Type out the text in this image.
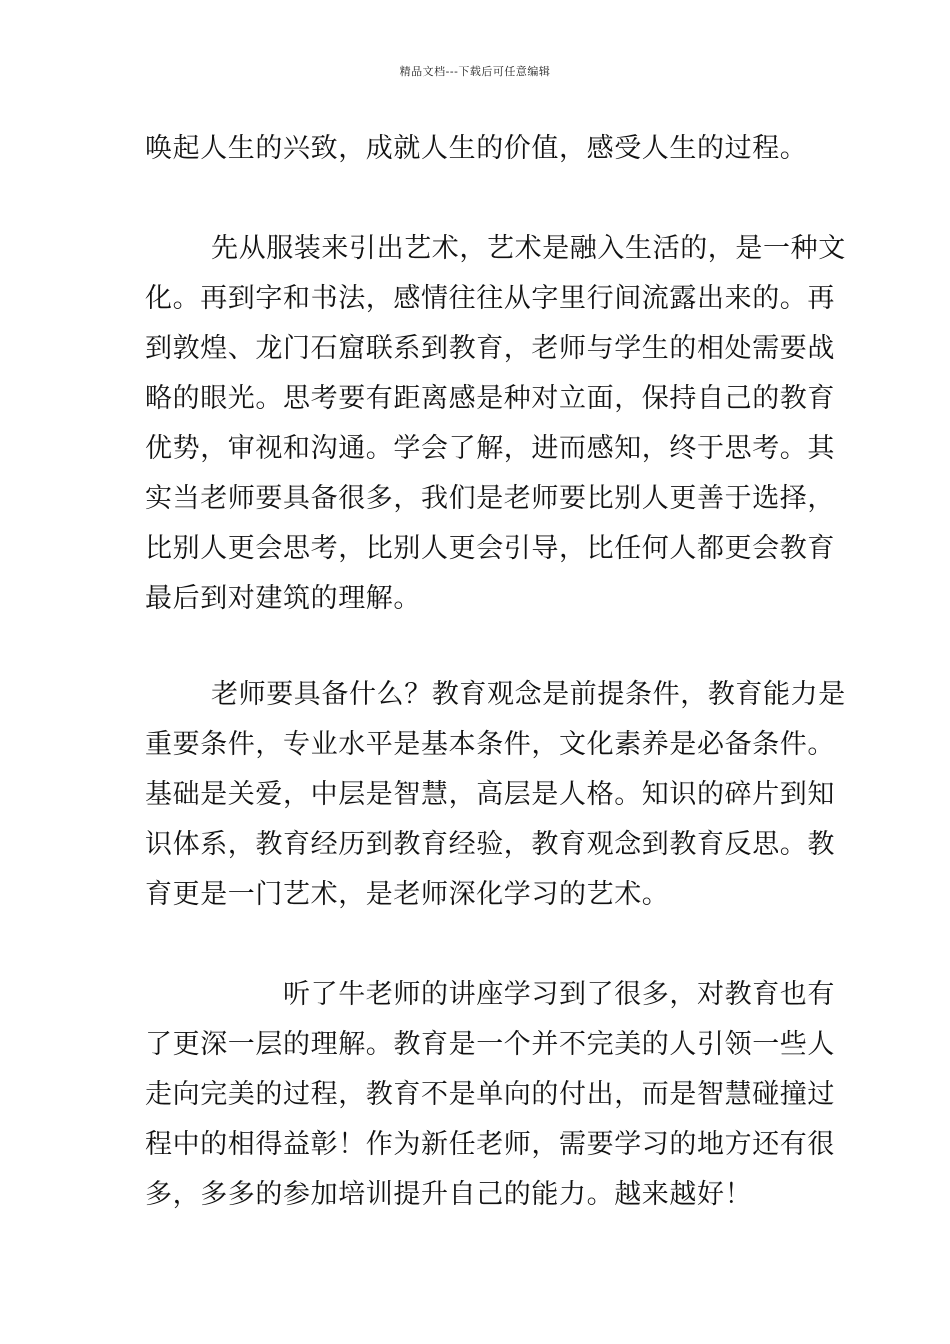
精品文档---下载后可任意编辑
唤起人生的兴致，成就人生的价值，感受人生的过程。
先从服装来引出艺术，艺术是融入生活的，是一种文
化。再到字和书法，感情往往从字里行间流露出来的。再
到敦煌、龙门石窟联系到教育，老师与学生的相处需要战
略的眼光。思考要有距离感是种对立面，保持自己的教育
优势，审视和沟通。学会了解，进而感知，终于思考。其
实当老师要具备很多，我们是老师要比别人更善于选择，
比别人更会思考，比别人更会引导，比任何人都更会教育
最后到对建筑的理解。
老师要具备什么？教育观念是前提条件，教育能力是
重要条件，专业水平是基本条件，文化素养是必备条件。
基础是关爱，中层是智慧，高层是人格。知识的碎片到知
识体系，教育经历到教育经验，教育观念到教育反思。教
育更是一门艺术，是老师深化学习的艺术。
听了牛老师的讲座学习到了很多，对教育也有
了更深一层的理解。教育是一个并不完美的人引领一些人
走向完美的过程，教育不是单向的付出，而是智慧碰撞过
程中的相得益彰！作为新任老师，需要学习的地方还有很
多，多多的参加培训提升自己的能力。越来越好！
